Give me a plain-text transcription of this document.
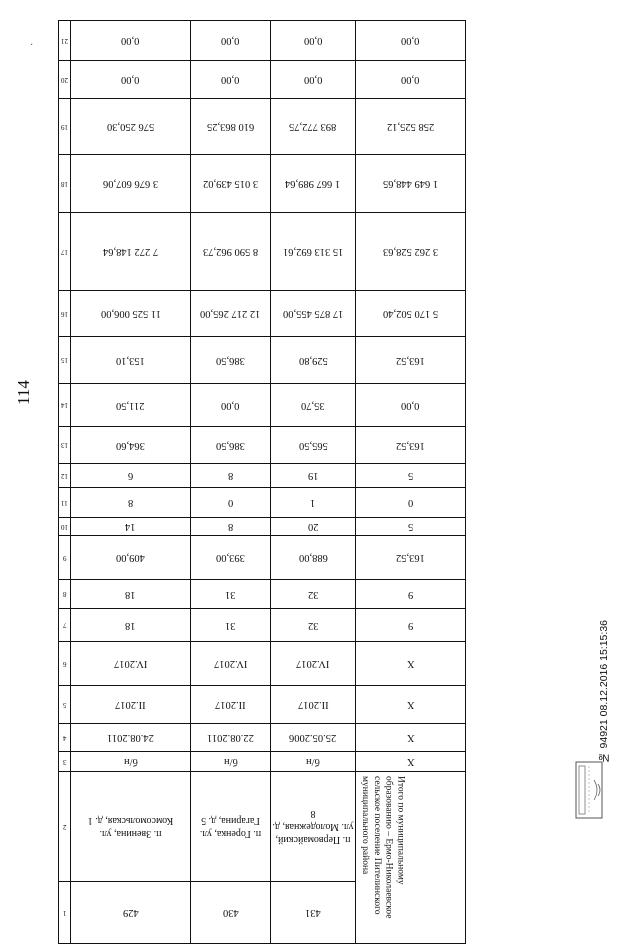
114
·	21	0,00	0,00	0,00	0,00
20	0,00	0,00	0,00	0,00
19	576 250,30	610 863,25	893 772,75	258 525,12
18	3 676 607,06	3 015 439,02	1 667 989,64	1 649 448,65
17	7 272 148,64	8 590 962,73	15 313 692,61	3 262 528,63
16	11 525 006,00	12 217 265,00	17 875 455,00	5 170 502,40
15	153,10	386,50	529,80	163,52
14	211,50	0,00	35,70	0,00
13	364,60	386,50	565,50	163,52
12	6	8	19	5
11	8	0	1	0
10	14	8	20	5
9	409,00	393,00	688,00	163,52
8	18	31	32	9
7	18	31	32	9
6	IV.2017	IV.2017	IV.2017	X
5	II.2017	II.2017	II.2017	X
4	24.08.2011	22.08.2011	25.05.2006	X
3	б/н	б/н	б/н	X
2	п. Звенина, ул. Комсомольская, д. 1	п. Горенка, ул. Гагарина, д. 5	п. Первомайский, ул. Молодежная, д. 8	Итого по муниципальному образованию – Ермо-Николаевское сельское поселение Пителинского муниципального района
1	429	430	431	
№ 94921 08.12.2016 15:15:36
